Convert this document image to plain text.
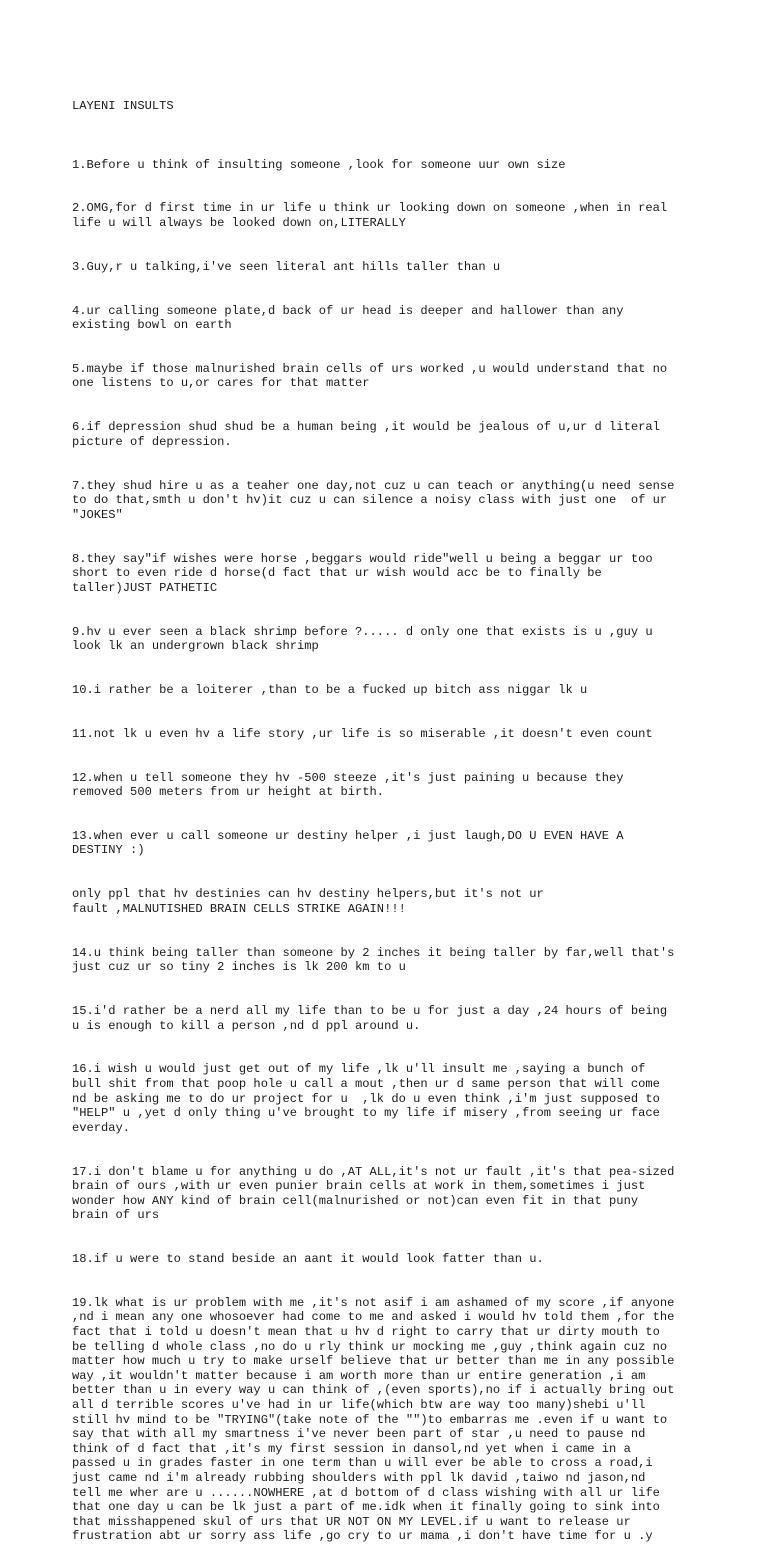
LAYENI INSULTS

1.Before u think of insulting someone ,look for someone uur own size

2.OMG,for d first time in ur life u think ur looking down on someone ,when in real
life u will always be looked down on,LITERALLY

3.Guy,r u talking,i've seen literal ant hills taller than u

4.ur calling someone plate,d back of ur head is deeper and hallower than any
existing bowl on earth

5.maybe if those malnurished brain cells of urs worked ,u would understand that no
one listens to u,or cares for that matter

6.if depression shud shud be a human being ,it would be jealous of u,ur d literal
picture of depression.

7.they shud hire u as a teaher one day,not cuz u can teach or anything(u need sense
to do that,smth u don't hv)it cuz u can silence a noisy class with just one  of ur
"JOKES"

8.they say"if wishes were horse ,beggars would ride"well u being a beggar ur too
short to even ride d horse(d fact that ur wish would acc be to finally be
taller)JUST PATHETIC

9.hv u ever seen a black shrimp before ?..... d only one that exists is u ,guy u
look lk an undergrown black shrimp

10.i rather be a loiterer ,than to be a fucked up bitch ass niggar lk u

11.not lk u even hv a life story ,ur life is so miserable ,it doesn't even count

12.when u tell someone they hv -500 steeze ,it's just paining u because they
removed 500 meters from ur height at birth.

13.when ever u call someone ur destiny helper ,i just laugh,DO U EVEN HAVE A
DESTINY :)

only ppl that hv destinies can hv destiny helpers,but it's not ur
fault ,MALNUTISHED BRAIN CELLS STRIKE AGAIN!!!

14.u think being taller than someone by 2 inches it being taller by far,well that's
just cuz ur so tiny 2 inches is lk 200 km to u

15.i'd rather be a nerd all my life than to be u for just a day ,24 hours of being
u is enough to kill a person ,nd d ppl around u.

16.i wish u would just get out of my life ,lk u'll insult me ,saying a bunch of
bull shit from that poop hole u call a mout ,then ur d same person that will come
nd be asking me to do ur project for u  ,lk do u even think ,i'm just supposed to
"HELP" u ,yet d only thing u've brought to my life if misery ,from seeing ur face
everday.

17.i don't blame u for anything u do ,AT ALL,it's not ur fault ,it's that pea-sized
brain of ours ,with ur even punier brain cells at work in them,sometimes i just
wonder how ANY kind of brain cell(malnurished or not)can even fit in that puny
brain of urs

18.if u were to stand beside an aant it would look fatter than u.

19.lk what is ur problem with me ,it's not asif i am ashamed of my score ,if anyone
,nd i mean any one whosoever had come to me and asked i would hv told them ,for the
fact that i told u doesn't mean that u hv d right to carry that ur dirty mouth to
be telling d whole class ,no do u rly think ur mocking me ,guy ,think again cuz no
matter how much u try to make urself believe that ur better than me in any possible
way ,it wouldn't matter because i am worth more than ur entire generation ,i am
better than u in every way u can think of ,(even sports),no if i actually bring out
all d terrible scores u've had in ur life(which btw are way too many)shebi u'll
still hv mind to be "TRYING"(take note of the "")to embarras me .even if u want to
say that with all my smartness i've never been part of star ,u need to pause nd
think of d fact that ,it's my first session in dansol,nd yet when i came in a
passed u in grades faster in one term than u will ever be able to cross a road,i
just came nd i'm already rubbing shoulders with ppl lk david ,taiwo nd jason,nd
tell me wher are u ......NOWHERE ,at d bottom of d class wishing with all ur life
that one day u can be lk just a part of me.idk when it finally going to sink into
that misshappened skul of urs that UR NOT ON MY LEVEL.if u want to release ur
frustration abt ur sorry ass life ,go cry to ur mama ,i don't have time for u .y
